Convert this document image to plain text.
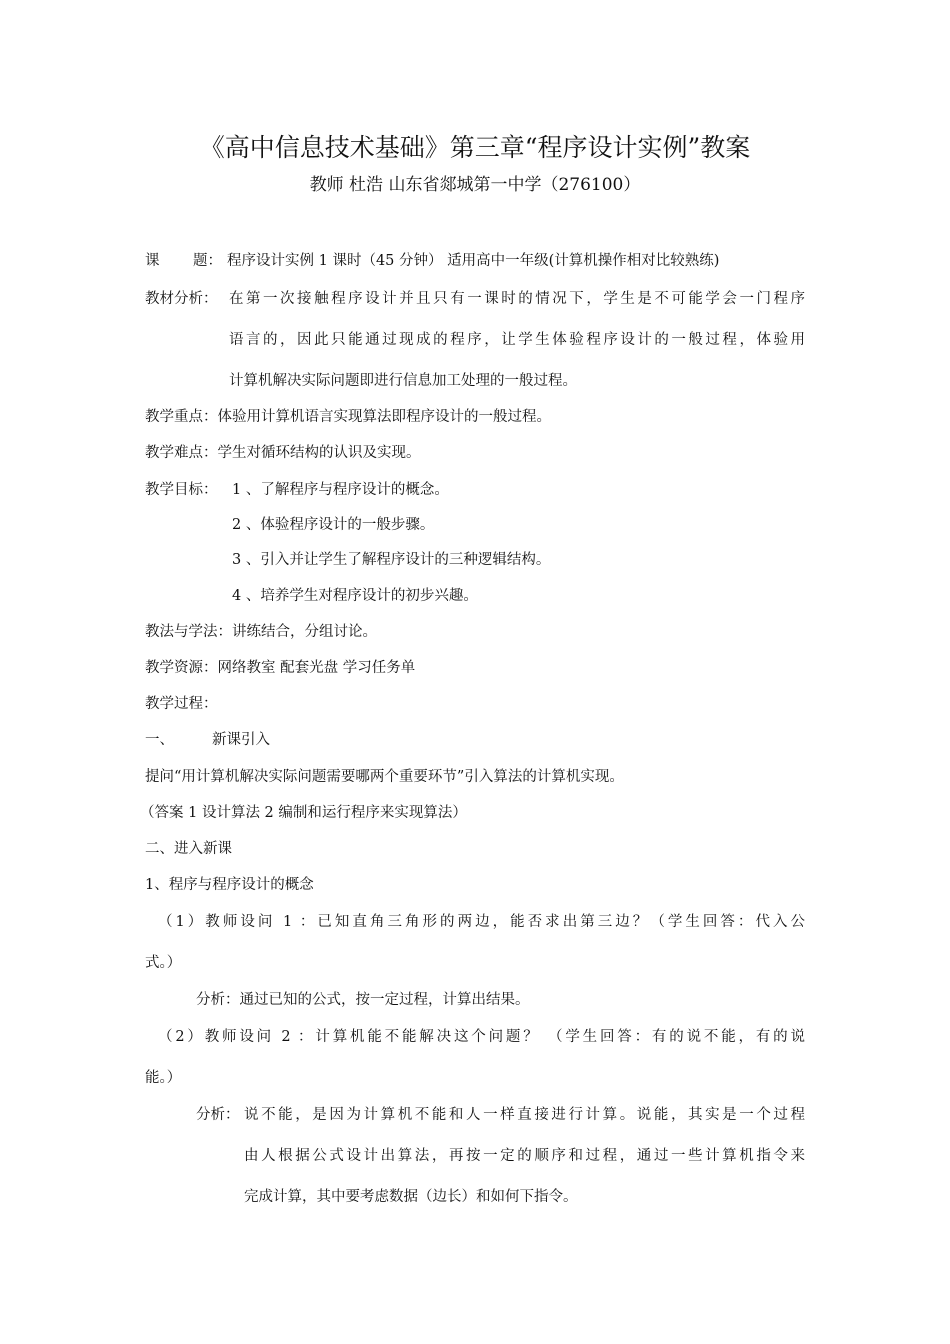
《高中信息技术基础》第三章“程序设计实例”教案
教师 杜浩 山东省郯城第一中学（276100）
课 题： 程序设计实例 1 课时（45 分钟） 适用高中一年级(计算机操作相对比较熟练)
教材分析： 在第一次接触程序设计并且只有一课时的情况下，学生是不可能学会一门程序
语言的，因此只能通过现成的程序，让学生体验程序设计的一般过程，体验用
计算机解决实际问题即进行信息加工处理的一般过程。
教学重点：体验用计算机语言实现算法即程序设计的一般过程。
教学难点：学生对循环结构的认识及实现。
教学目标： 1 、了解程序与程序设计的概念。
2 、体验程序设计的一般步骤。
3 、引入并让学生了解程序设计的三种逻辑结构。
4 、培养学生对程序设计的初步兴趣。
教法与学法：讲练结合，分组讨论。
教学资源：网络教室 配套光盘 学习任务单
教学过程：
一、	新课引入
提问“用计算机解决实际问题需要哪两个重要环节”引入算法的计算机实现。
（答案 1 设计算法 2 编制和运行程序来实现算法）
二、进入新课
1、程序与程序设计的概念
（1）教师设问 1 ：已知直角三角形的两边，能否求出第三边？（学生回答：代入公
式。）
分析：通过已知的公式，按一定过程，计算出结果。
（2）教师设问 2 ：计算机能不能解决这个问题？ （学生回答：有的说不能，有的说
能。）
分析： 说不能，是因为计算机不能和人一样直接进行计算。说能，其实是一个过程
由人根据公式设计出算法，再按一定的顺序和过程，通过一些计算机指令来
完成计算，其中要考虑数据（边长）和如何下指令。
